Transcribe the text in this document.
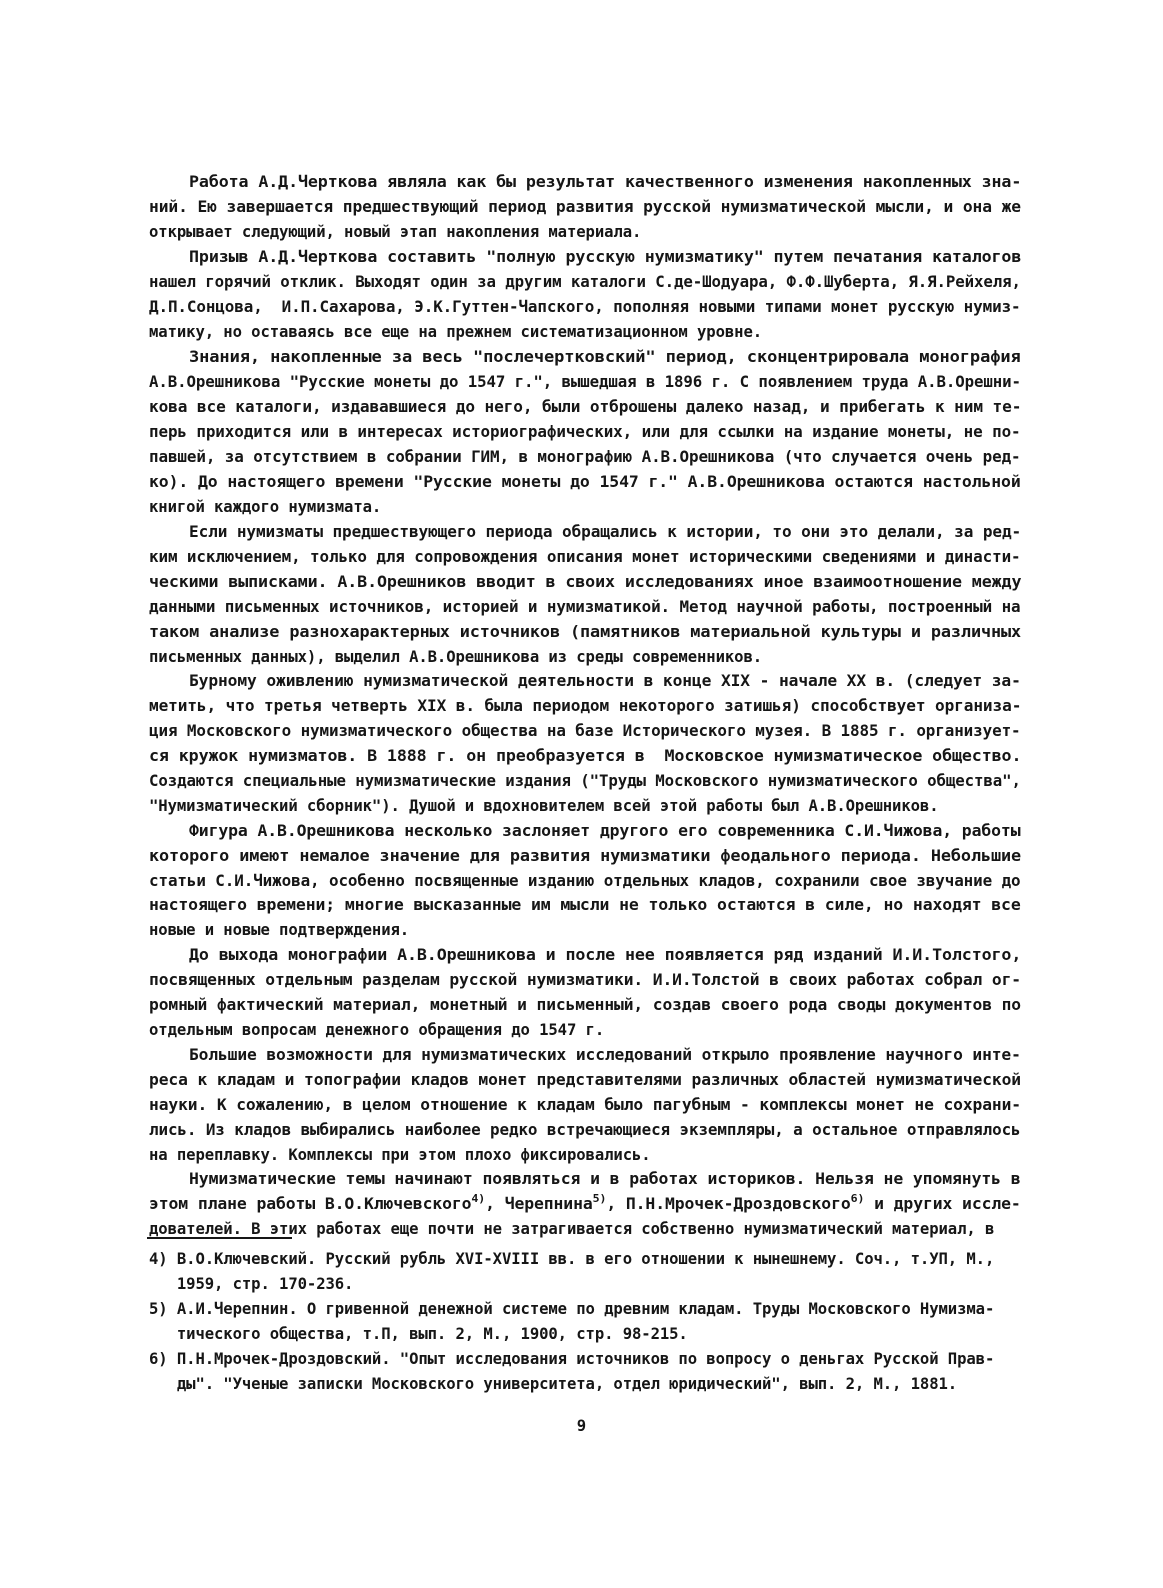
Работа А.Д.Черткова являла как бы результат качественного изменения накопленных зна-
ний. Ею завершается предшествующий период развития русской нумизматической мысли, и она же
открывает следующий, новый этап накопления материала.
Призыв А.Д.Черткова составить "полную русскую нумизматику" путем печатания каталогов
нашел горячий отклик. Выходят один за другим каталоги С.де-Шодуара, Ф.Ф.Шуберта, Я.Я.Рейхеля,
Д.П.Сонцова,  И.П.Сахарова, Э.К.Гуттен-Чапского, пополняя новыми типами монет русскую нумиз-
матику, но оставаясь все еще на прежнем систематизационном уровне.
Знания, накопленные за весь "послечертковский" период, сконцентрировала монография
А.В.Орешникова "Русские монеты до 1547 г.", вышедшая в 1896 г. С появлением труда А.В.Орешни-
кова все каталоги, издававшиеся до него, были отброшены далеко назад, и прибегать к ним те-
перь приходится или в интересах историографических, или для ссылки на издание монеты, не по-
павшей, за отсутствием в собрании ГИМ, в монографию А.В.Орешникова (что случается очень ред-
ко). До настоящего времени "Русские монеты до 1547 г." А.В.Орешникова остаются настольной
книгой каждого нумизмата.
Если нумизматы предшествующего периода обращались к истории, то они это делали, за ред-
ким исключением, только для сопровождения описания монет историческими сведениями и династи-
ческими выписками. А.В.Орешников вводит в своих исследованиях иное взаимоотношение между
данными письменных источников, историей и нумизматикой. Метод научной работы, построенный на
таком анализе разнохарактерных источников (памятников материальной культуры и различных
письменных данных), выделил А.В.Орешникова из среды современников.
Бурному оживлению нумизматической деятельности в конце XIX - начале XX в. (следует за-
метить, что третья четверть XIX в. была периодом некоторого затишья) способствует организа-
ция Московского нумизматического общества на базе Исторического музея. В 1885 г. организует-
ся кружок нумизматов. В 1888 г. он преобразуется в  Московское нумизматическое общество.
Создаются специальные нумизматические издания ("Труды Московского нумизматического общества",
"Нумизматический сборник"). Душой и вдохновителем всей этой работы был А.В.Орешников.
Фигура А.В.Орешникова несколько заслоняет другого его современника С.И.Чижова, работы
которого имеют немалое значение для развития нумизматики феодального периода. Небольшие
статьи С.И.Чижова, особенно посвященные изданию отдельных кладов, сохранили свое звучание до
настоящего времени; многие высказанные им мысли не только остаются в силе, но находят все
новые и новые подтверждения.
До выхода монографии А.В.Орешникова и после нее появляется ряд изданий И.И.Толстого,
посвященных отдельным разделам русской нумизматики. И.И.Толстой в своих работах собрал ог-
ромный фактический материал, монетный и письменный, создав своего рода своды документов по
отдельным вопросам денежного обращения до 1547 г.
Большие возможности для нумизматических исследований открыло проявление научного инте-
реса к кладам и топографии кладов монет представителями различных областей нумизматической
науки. К сожалению, в целом отношение к кладам было пагубным - комплексы монет не сохрани-
лись. Из кладов выбирались наиболее редко встречающиеся экземпляры, а остальное отправлялось
на переплавку. Комплексы при этом плохо фиксировались.
Нумизматические темы начинают появляться и в работах историков. Нельзя не упомянуть в
этом плане работы В.О.Ключевского$^{4)}$, Черепнина$^{5)}$, П.Н.Мрочек-Дроздовского$^{6)}$ и других иссле-
дователей. В этих работах еще почти не затрагивается собственно нумизматический материал, в
4) В.О.Ключевский. Русский рубль XVI-XVIII вв. в его отношении к нынешнему. Соч., т.УП, М.,
1959, стр. 170-236.
5) А.И.Черепнин. О гривенной денежной системе по древним кладам. Труды Московского Нумизма-
тического общества, т.П, вып. 2, М., 1900, стр. 98-215.
6) П.Н.Мрочек-Дроздовский. "Опыт исследования источников по вопросу о деньгах Русской Прав-
ды". "Ученые записки Московского университета, отдел юридический", вып. 2, М., 1881.
9
